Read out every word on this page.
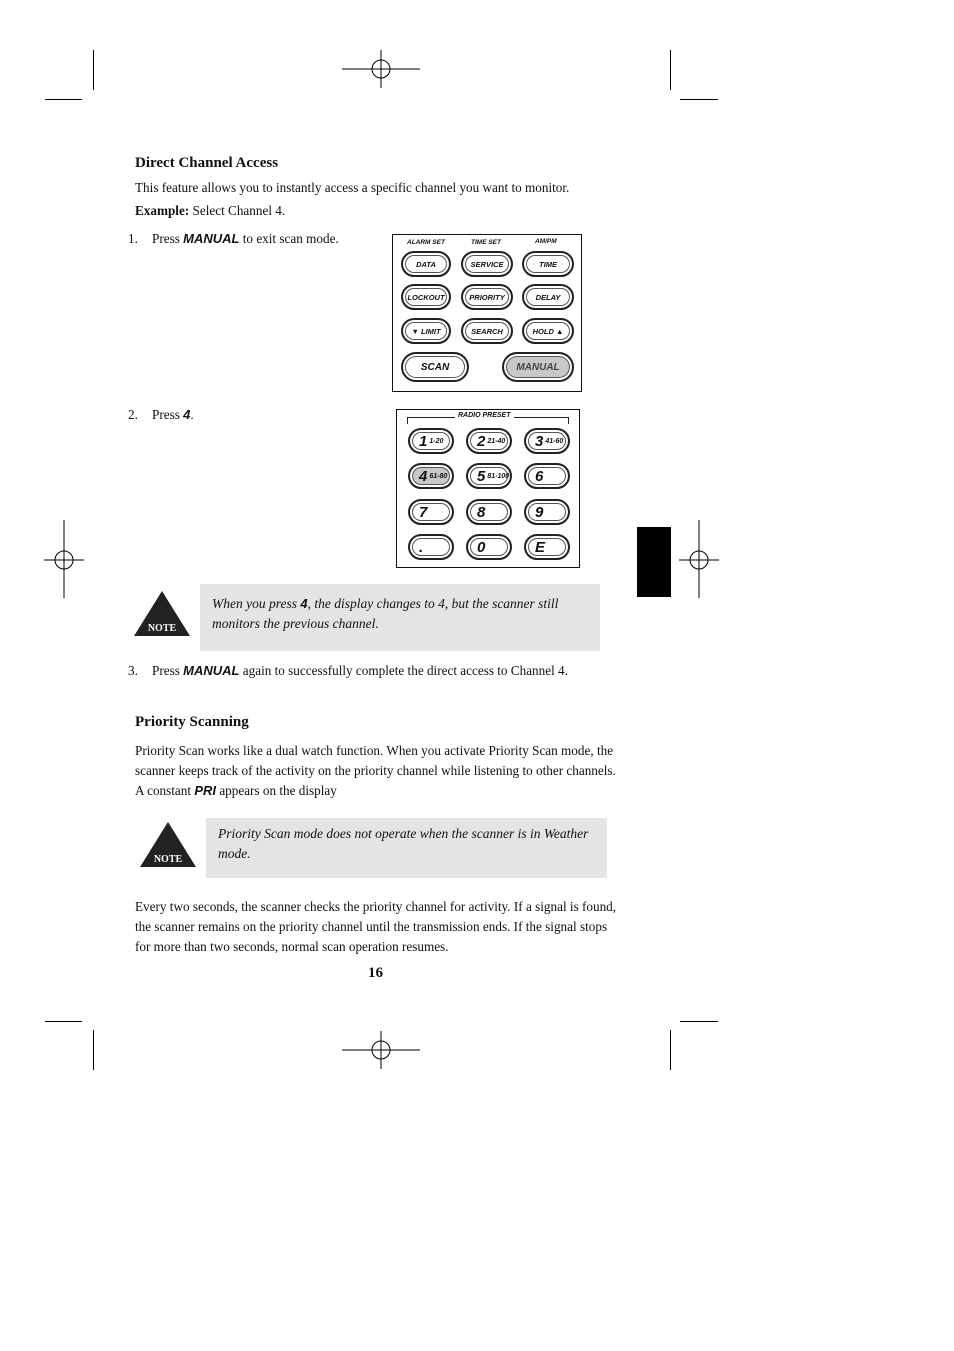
Direct Channel Access
This feature allows you to instantly access a specific channel you want to monitor.
Example: Select Channel 4.
1. Press MANUAL to exit scan mode.	ALARM SET	TIME SET	AM/PM
DATA	SERVICE	TIME
LOCKOUT	PRIORITY	DELAY
▼ LIMIT	SEARCH	HOLD ▲
SCAN	MANUAL
2. Press 4.	RADIO PRESET
1 1-20 2 21-40 3 41-60
4 61-80 5 81-100 6
7	8	9
.	0	E
NOTE
When you press 4, the display changes to 4, but the scanner still monitors the previous channel.
3. Press MANUAL again to successfully complete the direct access to Channel 4.
Priority Scanning
Priority Scan works like a dual watch function. When you activate Priority Scan mode, the scanner keeps track of the activity on the priority channel while listening to other channels. A constant PRI appears on the display
NOTE
Priority Scan mode does not operate when the scanner is in Weather mode.
Every two seconds, the scanner checks the priority channel for activity. If a signal is found, the scanner remains on the priority channel until the transmission ends. If the signal stops for more than two seconds, normal scan operation resumes.
16
